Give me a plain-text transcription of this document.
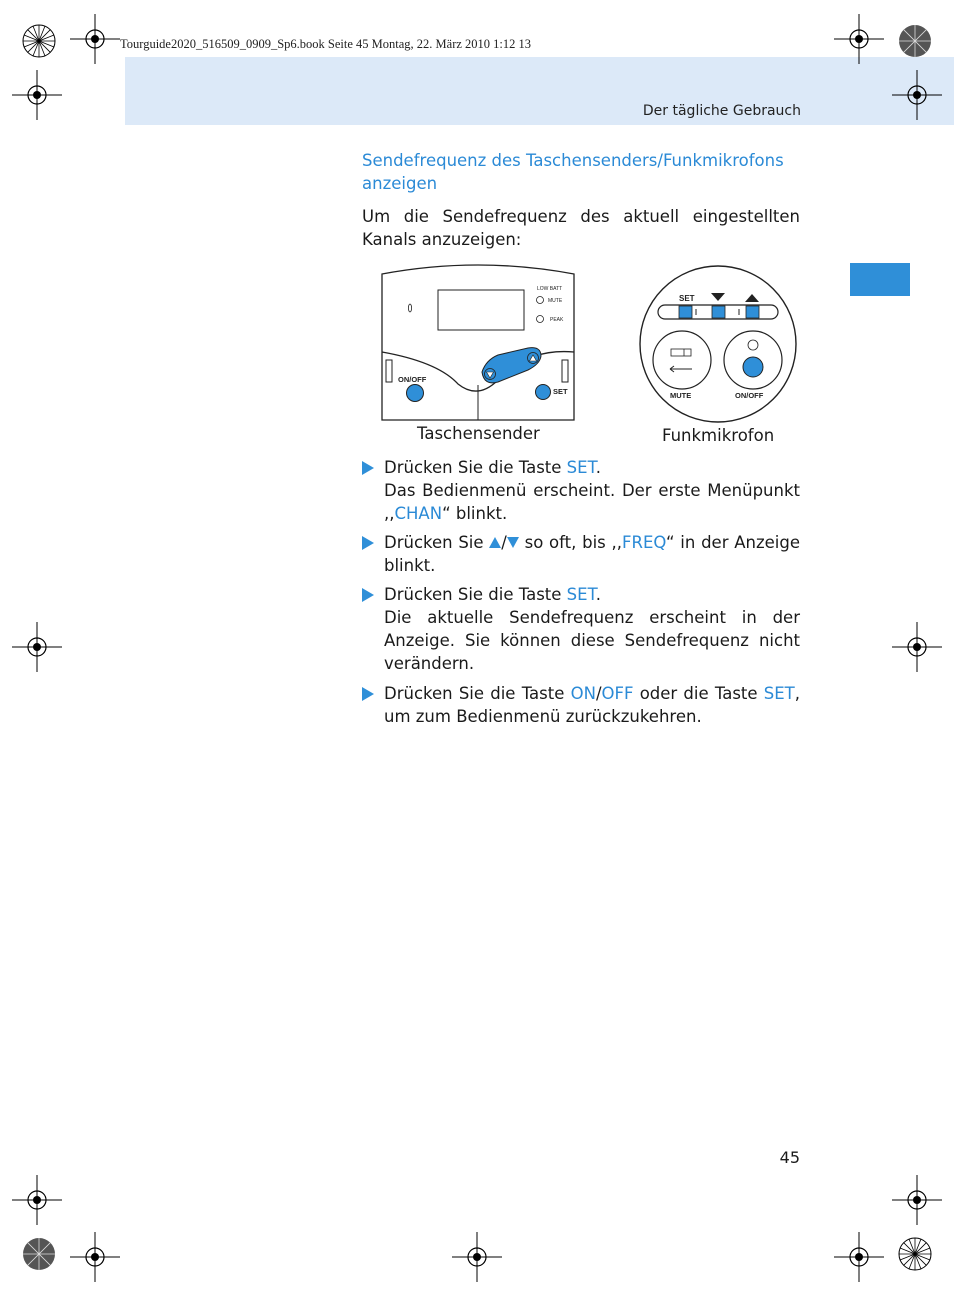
Tourguide2020_516509_0909_Sp6.book Seite 45 Montag, 22. März 2010 1:12 13
Der tägliche Gebrauch
Sendefrequenz des Taschensenders/Funkmikrofons anzeigen
Um die Sendefrequenz des aktuell eingestellten Kanals anzuzeigen:
LOW BATT
MUTE
PEAK
ON/OFF
SET
Taschensender
SET
MUTE	ON/OFF
Funkmikrofon
Drücken Sie die Taste SET.
Das Bedienmenü erscheint. Der erste Menüpunkt ,,CHAN“ blinkt.
Drücken Sie / so oft, bis ,,FREQ“ in der Anzeige blinkt.
Drücken Sie die Taste SET.
Die aktuelle Sendefrequenz erscheint in der Anzeige. Sie können diese Sendefrequenz nicht verändern.
Drücken Sie die Taste ON/OFF oder die Taste SET, um zum Bedienmenü zurückzukehren.
45
